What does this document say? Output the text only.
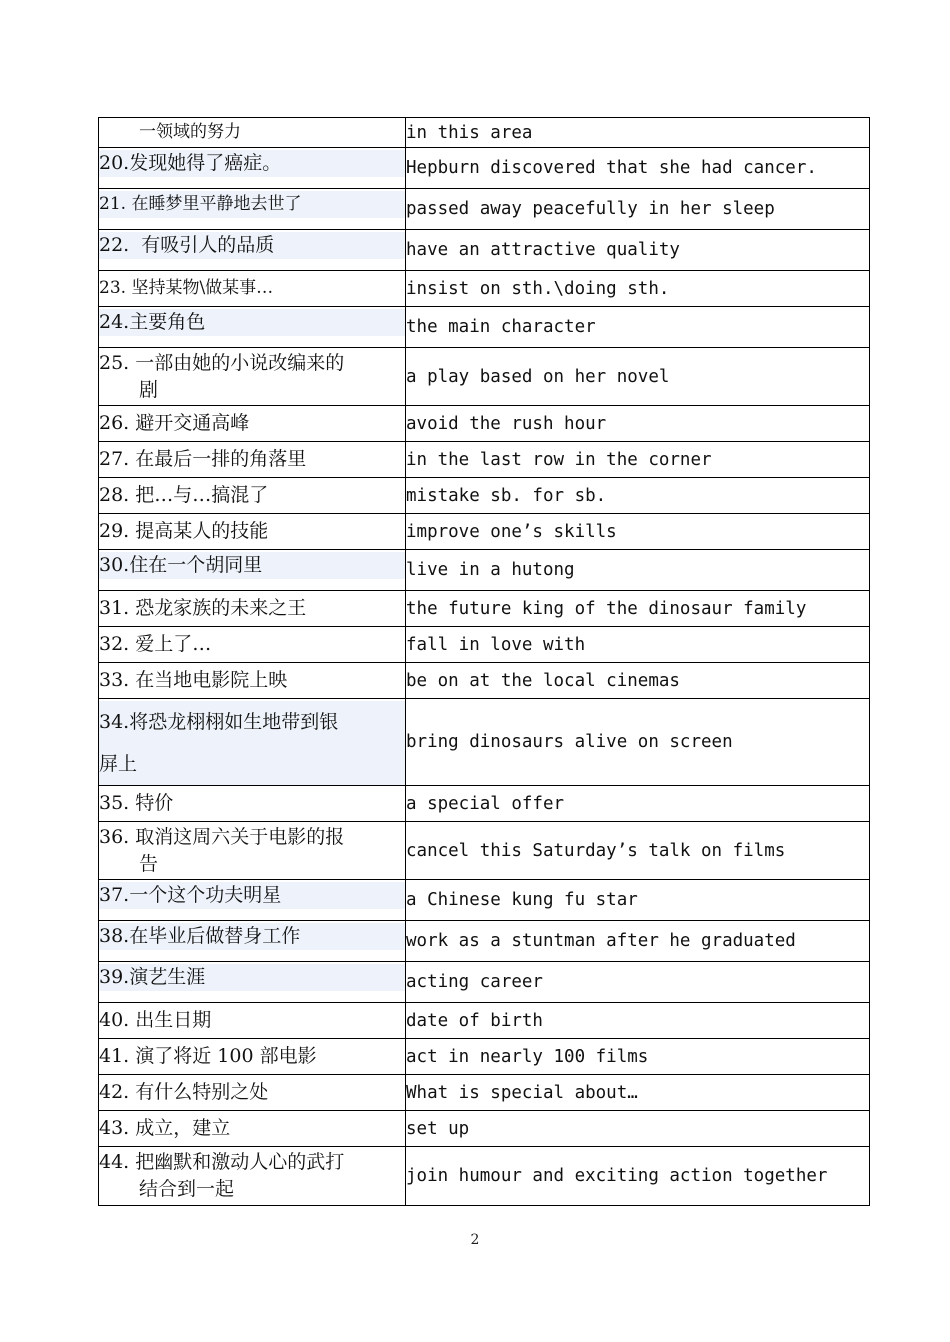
一领域的努力	in this area

20.发现她得了癌症。	Hepburn discovered that she had cancer.

21. 在睡梦里平静地去世了	passed away peacefully in her sleep

22.  有吸引人的品质	have an attractive quality
23. 坚持某物\做某事…	insist on sth.\doing sth.

24.主要角色	the main character

25. 一部由她的小说改编来的
剧	a play based on her novel
26. 避开交通高峰	avoid the rush hour
27. 在最后一排的角落里	in the last row in the corner
28. 把…与…搞混了	mistake sb. for sb.
29. 提高某人的技能	improve one’s skills

30.住在一个胡同里	live in a hutong
31. 恐龙家族的未来之王	the future king of the dinosaur family
32. 爱上了…	fall in love with
33. 在当地电影院上映	be on at the local cinemas

34.将恐龙栩栩如生地带到银
屏上	bring dinosaurs alive on screen
35. 特价	a special offer

36. 取消这周六关于电影的报
告	cancel this Saturday’s talk on films

37.一个这个功夫明星	a Chinese kung fu star

38.在毕业后做替身工作	work as a stuntman after he graduated

39.演艺生涯	acting career
40. 出生日期	date of birth
41. 演了将近 100 部电影	act in nearly 100 films
42. 有什么特别之处	What is special about…
43. 成立，建立	set up

44. 把幽默和激动人心的武打
结合到一起	join humour and exciting action together
2
